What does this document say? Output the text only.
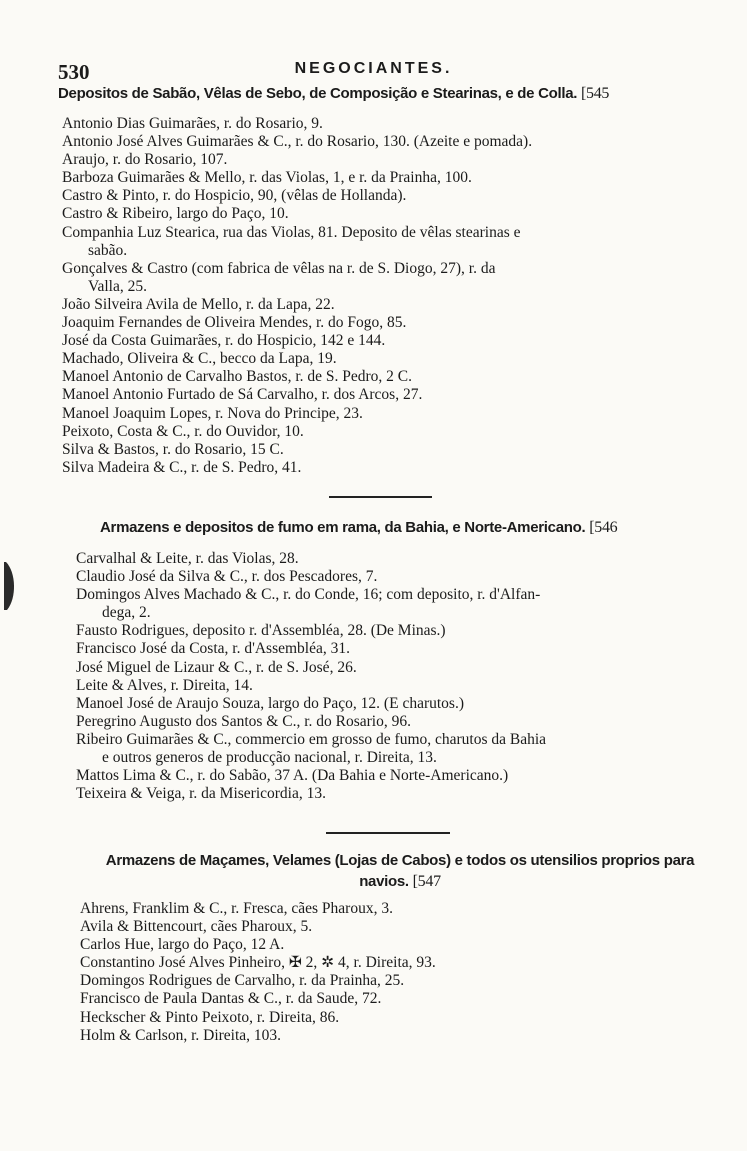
530	NEGOCIANTES.
Depositos de Sabão, Vêlas de Sebo, de Composição e Stearinas, e de Colla. [545
Antonio Dias Guimarães, r. do Rosario, 9.
Antonio José Alves Guimarães & C., r. do Rosario, 130. (Azeite e pomada).
Araujo, r. do Rosario, 107.
Barboza Guimarães & Mello, r. das Violas, 1, e r. da Prainha, 100.
Castro & Pinto, r. do Hospicio, 90, (vêlas de Hollanda).
Castro & Ribeiro, largo do Paço, 10.
Companhia Luz Stearica, rua das Violas, 81. Deposito de vêlas stearinas e
sabão.
Gonçalves & Castro (com fabrica de vêlas na r. de S. Diogo, 27), r. da
Valla, 25.
João Silveira Avila de Mello, r. da Lapa, 22.
Joaquim Fernandes de Oliveira Mendes, r. do Fogo, 85.
José da Costa Guimarães, r. do Hospicio, 142 e 144.
Machado, Oliveira & C., becco da Lapa, 19.
Manoel Antonio de Carvalho Bastos, r. de S. Pedro, 2 C.
Manoel Antonio Furtado de Sá Carvalho, r. dos Arcos, 27.
Manoel Joaquim Lopes, r. Nova do Principe, 23.
Peixoto, Costa & C., r. do Ouvidor, 10.
Silva & Bastos, r. do Rosario, 15 C.
Silva Madeira & C., r. de S. Pedro, 41.
Armazens e depositos de fumo em rama, da Bahia, e Norte-Americano. [546
Carvalhal & Leite, r. das Violas, 28.
Claudio José da Silva & C., r. dos Pescadores, 7.
Domingos Alves Machado & C., r. do Conde, 16; com deposito, r. d'Alfan-
dega, 2.
Fausto Rodrigues, deposito r. d'Assembléa, 28. (De Minas.)
Francisco José da Costa, r. d'Assembléa, 31.
José Miguel de Lizaur & C., r. de S. José, 26.
Leite & Alves, r. Direita, 14.
Manoel José de Araujo Souza, largo do Paço, 12. (E charutos.)
Peregrino Augusto dos Santos & C., r. do Rosario, 96.
Ribeiro Guimarães & C., commercio em grosso de fumo, charutos da Bahia
e outros generos de producção nacional, r. Direita, 13.
Mattos Lima & C., r. do Sabão, 37 A. (Da Bahia e Norte-Americano.)
Teixeira & Veiga, r. da Misericordia, 13.
Armazens de Maçames, Velames (Lojas de Cabos) e todos os utensilios proprios para navios. [547
Ahrens, Franklim & C., r. Fresca, cães Pharoux, 3.
Avila & Bittencourt, cães Pharoux, 5.
Carlos Hue, largo do Paço, 12 A.
Constantino José Alves Pinheiro, ✠ 2, ✲ 4, r. Direita, 93.
Domingos Rodrigues de Carvalho, r. da Prainha, 25.
Francisco de Paula Dantas & C., r. da Saude, 72.
Heckscher & Pinto Peixoto, r. Direita, 86.
Holm & Carlson, r. Direita, 103.
